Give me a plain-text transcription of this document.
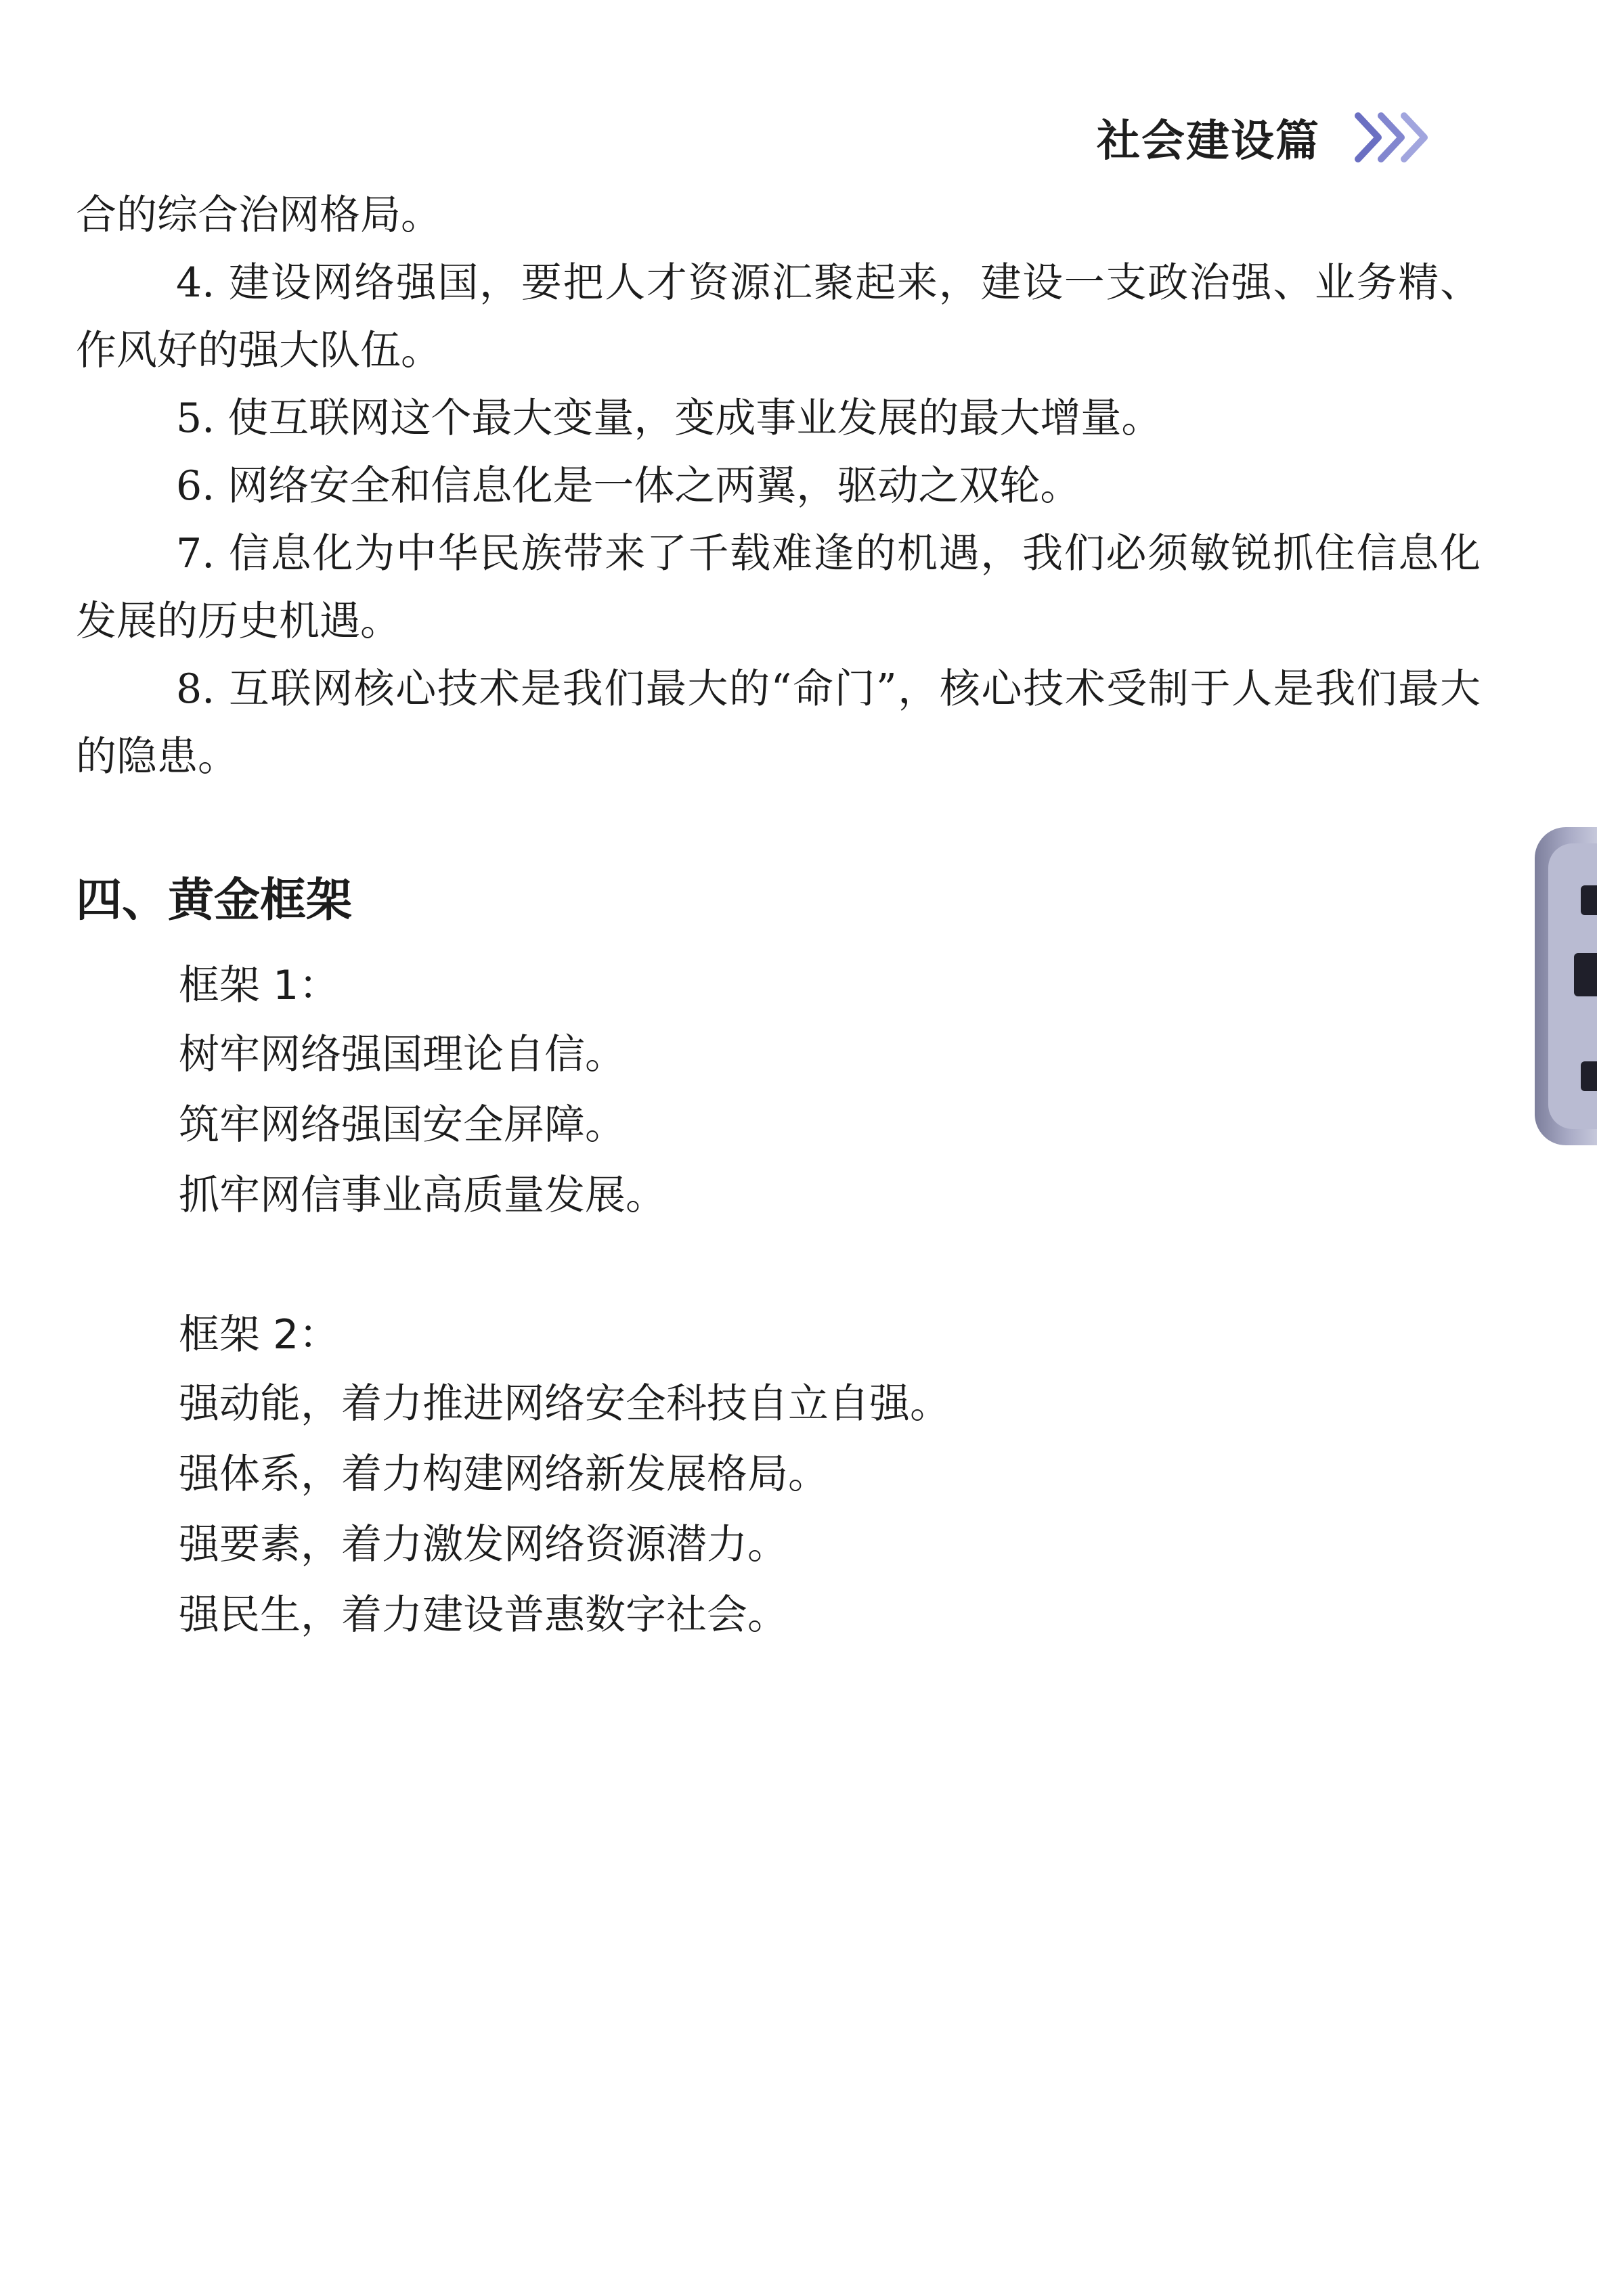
社会建设篇

合的综合治网格局。

4. 建设网络强国，要把人才资源汇聚起来，建设一支政治强、业务精、作风好的强大队伍。

5. 使互联网这个最大变量，变成事业发展的最大增量。

6. 网络安全和信息化是一体之两翼，驱动之双轮。

7. 信息化为中华民族带来了千载难逢的机遇，我们必须敏锐抓住信息化发展的历史机遇。

8. 互联网核心技术是我们最大的“命门”，核心技术受制于人是我们最大的隐患。

四、黄金框架

框架 1：

树牢网络强国理论自信。

筑牢网络强国安全屏障。

抓牢网信事业高质量发展。

框架 2：

强动能，着力推进网络安全科技自立自强。

强体系，着力构建网络新发展格局。

强要素，着力激发网络资源潜力。

强民生，着力建设普惠数字社会。
